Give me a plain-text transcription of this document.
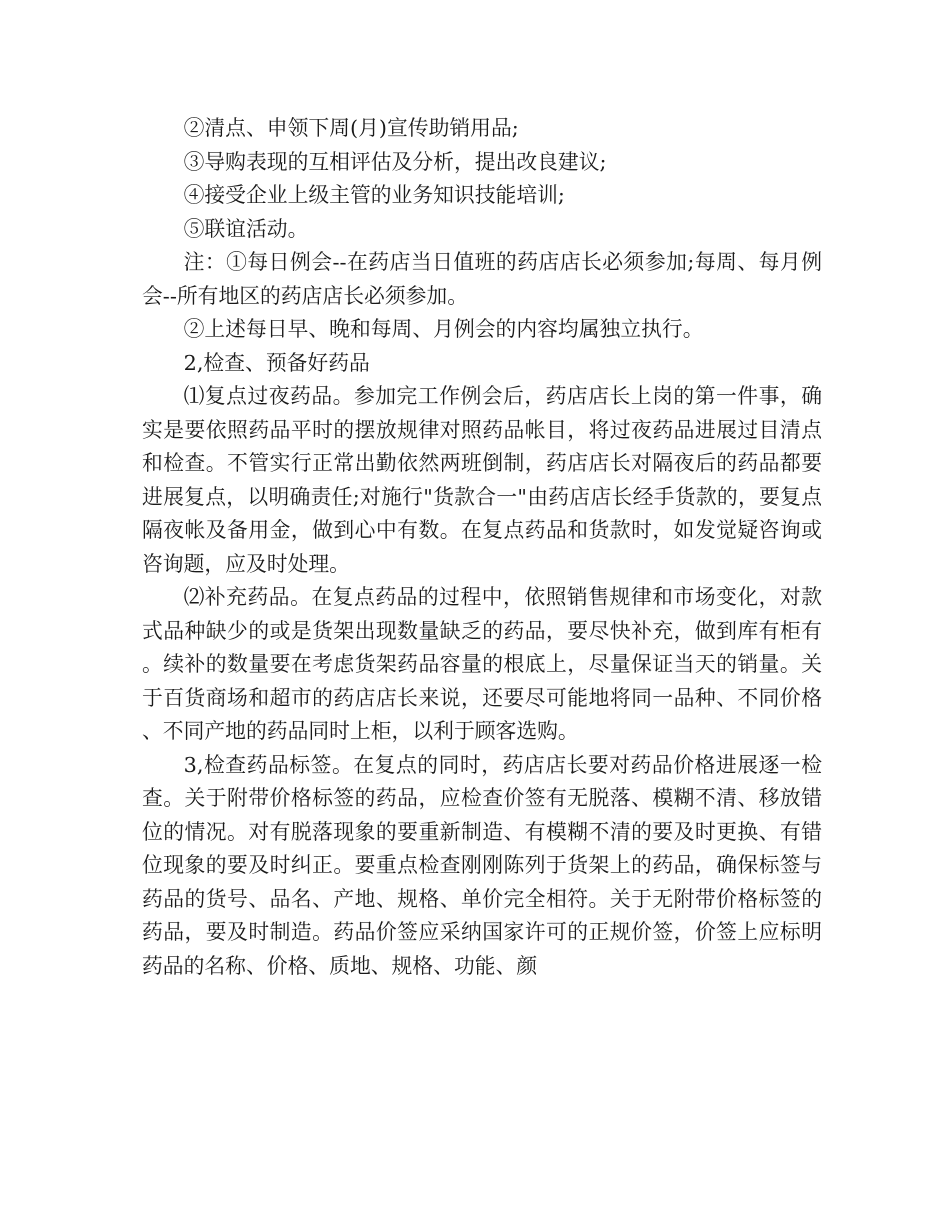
②清点、申领下周(月)宣传助销用品;

③导购表现的互相评估及分析，提出改良建议;

④接受企业上级主管的业务知识技能培训;

⑤联谊活动。

注：①每日例会--在药店当日值班的药店店长必须参加;每周、每月例会--所有地区的药店店长必须参加。

②上述每日早、晚和每周、月例会的内容均属独立执行。

2,检查、预备好药品

⑴复点过夜药品。参加完工作例会后，药店店长上岗的第一件事，确实是要依照药品平时的摆放规律对照药品帐目，将过夜药品进展过目清点和检查。不管实行正常出勤依然两班倒制，药店店长对隔夜后的药品都要进展复点，以明确责任;对施行"货款合一"由药店店长经手货款的，要复点隔夜帐及备用金，做到心中有数。在复点药品和货款时，如发觉疑咨询或咨询题，应及时处理。

⑵补充药品。在复点药品的过程中，依照销售规律和市场变化，对款式品种缺少的或是货架出现数量缺乏的药品，要尽快补充，做到库有柜有。续补的数量要在考虑货架药品容量的根底上，尽量保证当天的销量。关于百货商场和超市的药店店长来说，还要尽可能地将同一品种、不同价格、不同产地的药品同时上柜，以利于顾客选购。

3,检查药品标签。在复点的同时，药店店长要对药品价格进展逐一检查。关于附带价格标签的药品，应检查价签有无脱落、模糊不清、移放错位的情况。对有脱落现象的要重新制造、有模糊不清的要及时更换、有错位现象的要及时纠正。要重点检查刚刚陈列于货架上的药品，确保标签与药品的货号、品名、产地、规格、单价完全相符。关于无附带价格标签的药品，要及时制造。药品价签应采纳国家许可的正规价签，价签上应标明药品的名称、价格、质地、规格、功能、颜
